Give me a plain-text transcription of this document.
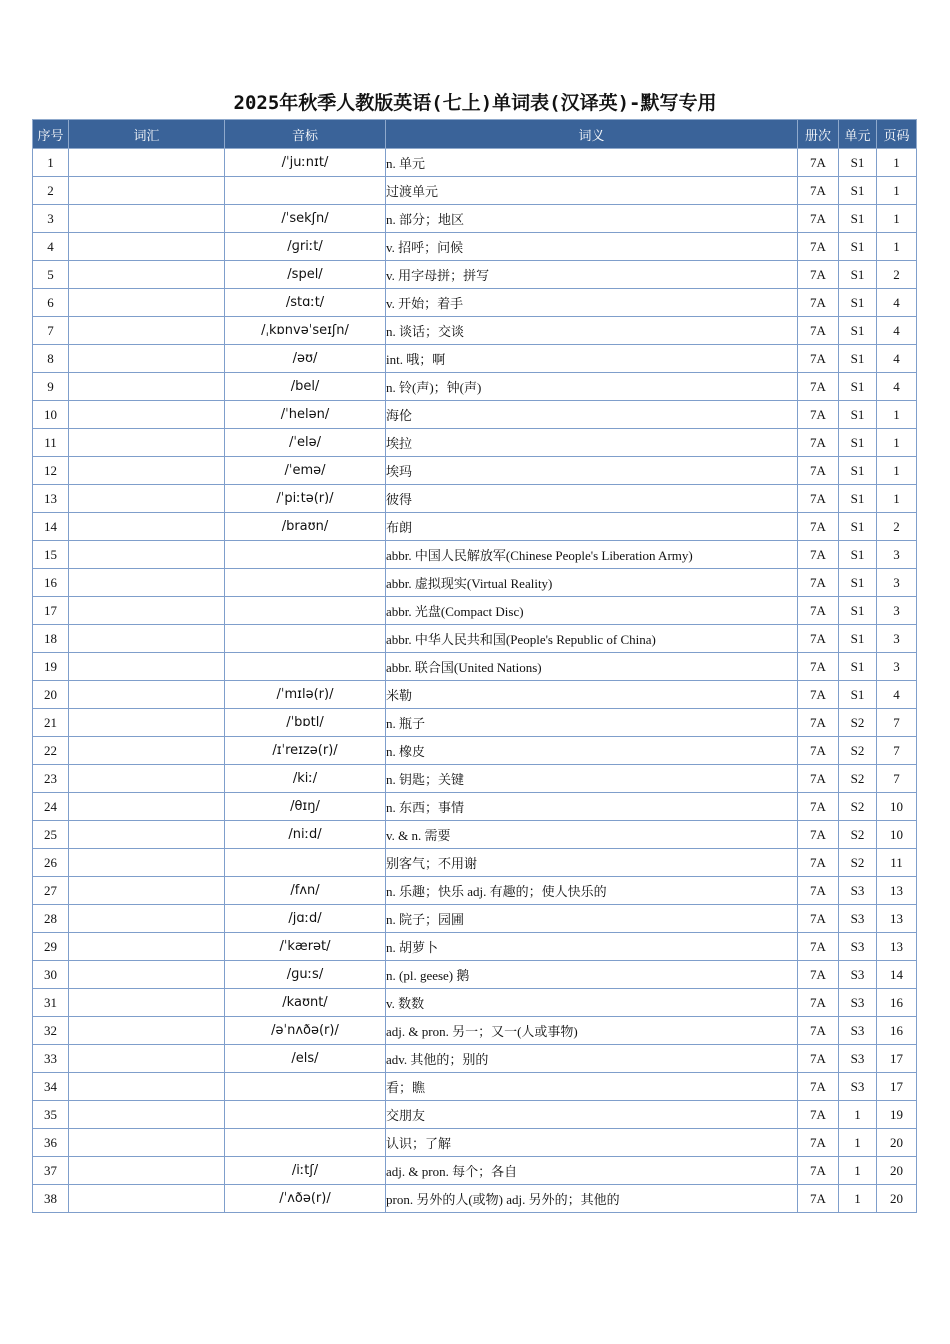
2025年秋季人教版英语(七上)单词表(汉译英)-默写专用
序号	词汇	音标	词义	册次	单元	页码
1		/ˈjuːnɪt/	n. 单元	7A	S1	1
2			过渡单元	7A	S1	1
3		/ˈsekʃn/	n. 部分；地区	7A	S1	1
4		/ɡriːt/	v. 招呼；问候	7A	S1	1
5		/spel/	v. 用字母拼；拼写	7A	S1	2
6		/stɑːt/	v. 开始；着手	7A	S1	4
7		/ˌkɒnvəˈseɪʃn/	n. 谈话；交谈	7A	S1	4
8		/əʊ/	int. 哦；啊	7A	S1	4
9		/bel/	n. 铃(声)；钟(声)	7A	S1	4
10		/ˈhelən/	海伦	7A	S1	1
11		/ˈelə/	埃拉	7A	S1	1
12		/ˈemə/	埃玛	7A	S1	1
13		/ˈpiːtə(r)/	彼得	7A	S1	1
14		/braʊn/	布朗	7A	S1	2
15			abbr. 中国人民解放军(Chinese People's Liberation Army)	7A	S1	3
16			abbr. 虚拟现实(Virtual Reality)	7A	S1	3
17			abbr. 光盘(Compact Disc)	7A	S1	3
18			abbr. 中华人民共和国(People's Republic of China)	7A	S1	3
19			abbr. 联合国(United Nations)	7A	S1	3
20		/ˈmɪlə(r)/	米勒	7A	S1	4
21		/ˈbɒtl/	n. 瓶子	7A	S2	7
22		/ɪˈreɪzə(r)/	n. 橡皮	7A	S2	7
23		/kiː/	n. 钥匙；关键	7A	S2	7
24		/θɪŋ/	n. 东西；事情	7A	S2	10
25		/niːd/	v. & n. 需要	7A	S2	10
26			别客气；不用谢	7A	S2	11
27		/fʌn/	n. 乐趣；快乐 adj. 有趣的；使人快乐的	7A	S3	13
28		/jɑːd/	n. 院子；园圃	7A	S3	13
29		/ˈkærət/	n. 胡萝卜	7A	S3	13
30		/ɡuːs/	n. (pl. geese) 鹅	7A	S3	14
31		/kaʊnt/	v. 数数	7A	S3	16
32		/əˈnʌðə(r)/	adj. & pron. 另一；又一(人或事物)	7A	S3	16
33		/els/	adv. 其他的；别的	7A	S3	17
34			看；瞧	7A	S3	17
35			交朋友	7A	1	19
36			认识；了解	7A	1	20
37		/iːtʃ/	adj. & pron. 每个；各自	7A	1	20
38		/ˈʌðə(r)/	pron. 另外的人(或物) adj. 另外的；其他的	7A	1	20
